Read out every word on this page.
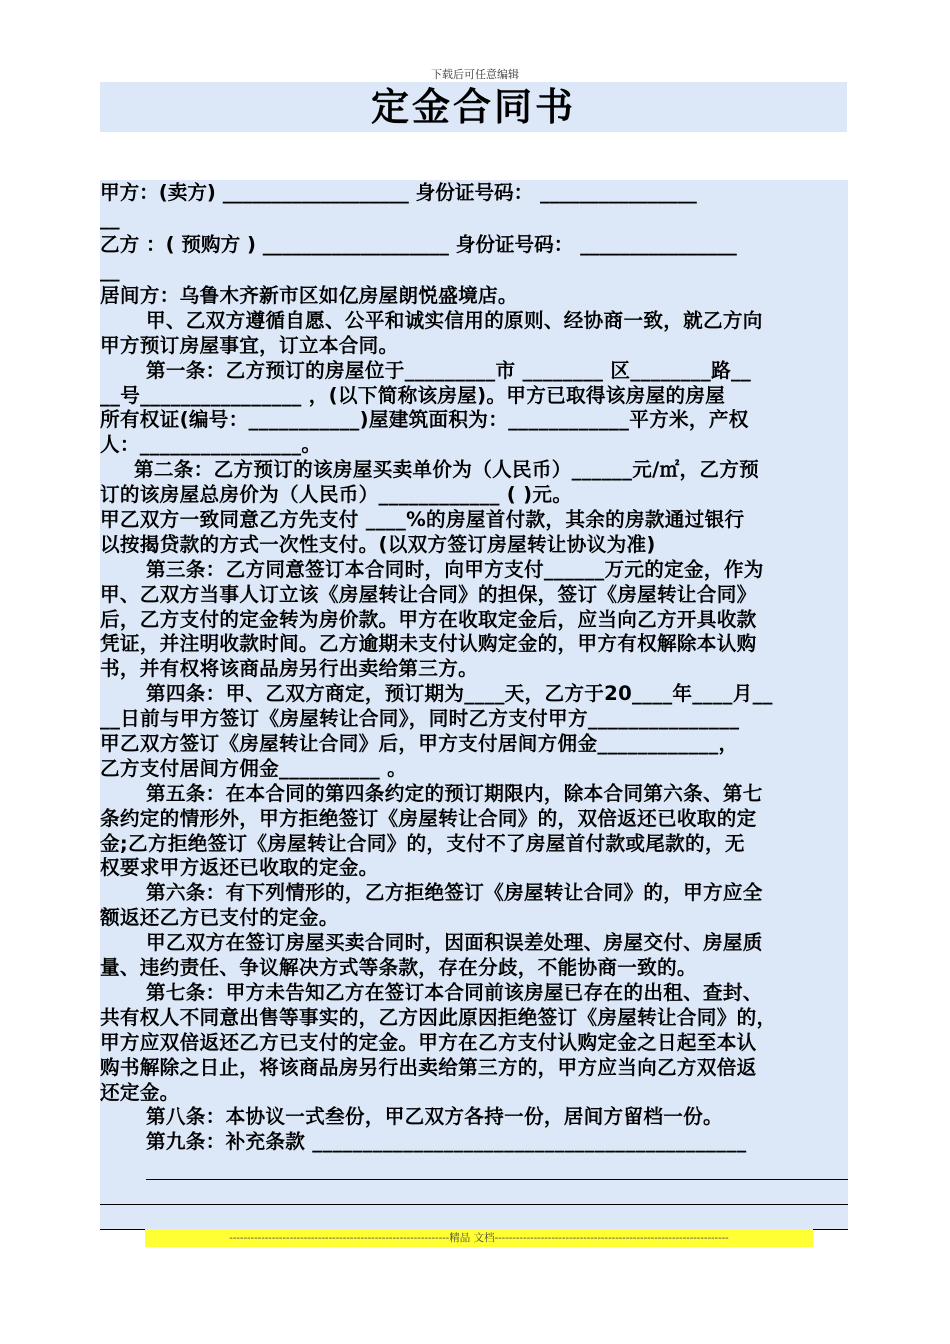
下载后可任意编辑
定金合同书
甲方：(卖方) ___________________ 身份证号码： ________________
__
乙方 ：( 预购方 ) ___________________ 身份证号码： ________________
__
居间方：乌鲁木齐新市区如亿房屋朗悦盛境店。
甲、乙双方遵循自愿、公平和诚实信用的原则、经协商一致，就乙方向
甲方预订房屋事宜，订立本合同。
第一条：乙方预订的房屋位于_________市 ________ 区________路__
__号________________ ，(以下简称该房屋)。甲方已取得该房屋的房屋
所有权证(编号：___________)屋建筑面积为：____________平方米，产权
人：________________。
第二条：乙方预订的该房屋买卖单价为（人民币）______元/㎡，乙方预
订的该房屋总房价为（人民币）____________ ( )元。
甲乙双方一致同意乙方先支付 ____%的房屋首付款，其余的房款通过银行
以按揭贷款的方式一次性支付。(以双方签订房屋转让协议为准)
第三条：乙方同意签订本合同时，向甲方支付______万元的定金，作为
甲、乙双方当事人订立该《房屋转让合同》的担保，签订《房屋转让合同》
后，乙方支付的定金转为房价款。甲方在收取定金后，应当向乙方开具收款
凭证，并注明收款时间。乙方逾期未支付认购定金的，甲方有权解除本认购
书，并有权将该商品房另行出卖给第三方。
第四条：甲、乙双方商定，预订期为____天，乙方于20____年____月__
__日前与甲方签订《房屋转让合同》，同时乙方支付甲方_______________
甲乙双方签订《房屋转让合同》后，甲方支付居间方佣金____________，
乙方支付居间方佣金__________ 。
第五条：在本合同的第四条约定的预订期限内，除本合同第六条、第七
条约定的情形外，甲方拒绝签订《房屋转让合同》的，双倍返还已收取的定
金;乙方拒绝签订《房屋转让合同》的，支付不了房屋首付款或尾款的，无
权要求甲方返还已收取的定金。
第六条：有下列情形的，乙方拒绝签订《房屋转让合同》的，甲方应全
额返还乙方已支付的定金。
甲乙双方在签订房屋买卖合同时，因面积误差处理、房屋交付、房屋质
量、违约责任、争议解决方式等条款，存在分歧，不能协商一致的。
第七条：甲方未告知乙方在签订本合同前该房屋已存在的出租、查封、
共有权人不同意出售等事实的，乙方因此原因拒绝签订《房屋转让合同》的，
甲方应双倍返还乙方已支付的定金。甲方在乙方支付认购定金之日起至本认
购书解除之日止，将该商品房另行出卖给第三方的，甲方应当向乙方双倍返
还定金。
第八条：本协议一式叁份，甲乙双方各持一份，居间方留档一份。
第九条：补充条款 ___________________________________________
--------------------------------------------------------------精品 文档------------------------------------------------------------------
